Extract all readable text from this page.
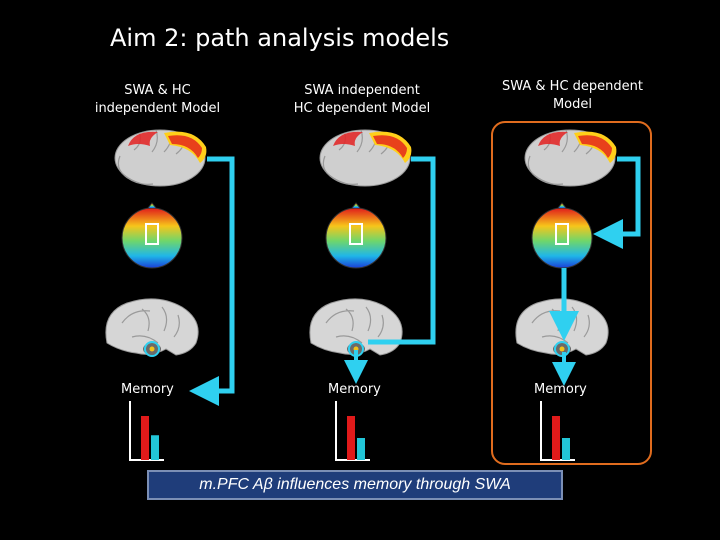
Aim 2: path analysis models
SWA & HC
independent Model
SWA independent
HC dependent Model
SWA & HC dependent
Model
Memory	Memory	Memory
m.PFC Aβ influences memory through SWA
